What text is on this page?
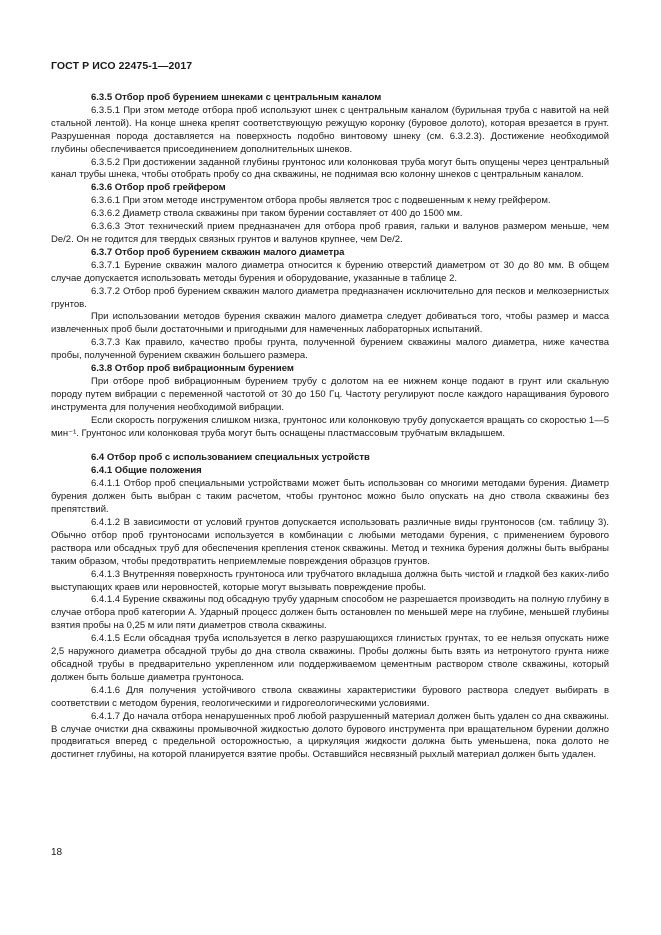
ГОСТ Р ИСО 22475-1—2017

6.3.5 Отбор проб бурением шнеками с центральным каналом

6.3.5.1 При этом методе отбора проб используют шнек с центральным каналом (бурильная труба с навитой на ней стальной лентой). На конце шнека крепят соответствующую режущую коронку (буровое долото), которая врезается в грунт. Разрушенная порода доставляется на поверхность подобно винтовому шнеку (см. 6.3.2.3). Достижение необходимой глубины обеспечивается присоединением дополнительных шнеков.

6.3.5.2 При достижении заданной глубины грунтонос или колонковая труба могут быть опущены через центральный канал трубы шнека, чтобы отобрать пробу со дна скважины, не поднимая всю колонну шнеков с центральным каналом.

6.3.6 Отбор проб грейфером

6.3.6.1 При этом методе инструментом отбора пробы является трос с подвешенным к нему грейфером.

6.3.6.2 Диаметр ствола скважины при таком бурении составляет от 400 до 1500 мм.

6.3.6.3 Этот технический прием предназначен для отбора проб гравия, гальки и валунов размером меньше, чем De/2. Он не годится для твердых связных грунтов и валунов крупнее, чем De/2.

6.3.7 Отбор проб бурением скважин малого диаметра

6.3.7.1 Бурение скважин малого диаметра относится к бурению отверстий диаметром от 30 до 80 мм. В общем случае допускается использовать методы бурения и оборудование, указанные в таблице 2.

6.3.7.2 Отбор проб бурением скважин малого диаметра предназначен исключительно для песков и мелкозернистых грунтов.

При использовании методов бурения скважин малого диаметра следует добиваться того, чтобы размер и масса извлеченных проб были достаточными и пригодными для намеченных лабораторных испытаний.

6.3.7.3 Как правило, качество пробы грунта, полученной бурением скважины малого диаметра, ниже качества пробы, полученной бурением скважин большего размера.

6.3.8 Отбор проб вибрационным бурением

При отборе проб вибрационным бурением трубу с долотом на ее нижнем конце подают в грунт или скальную породу путем вибрации с переменной частотой от 30 до 150 Гц. Частоту регулируют после каждого наращивания бурового инструмента для получения необходимой вибрации.

Если скорость погружения слишком низка, грунтонос или колонковую трубу допускается вращать со скоростью 1—5 мин⁻¹. Грунтонос или колонковая труба могут быть оснащены пластмассовым трубчатым вкладышем.

6.4 Отбор проб с использованием специальных устройств

6.4.1 Общие положения

6.4.1.1 Отбор проб специальными устройствами может быть использован со многими методами бурения. Диаметр бурения должен быть выбран с таким расчетом, чтобы грунтонос можно было опускать на дно ствола скважины без препятствий.

6.4.1.2 В зависимости от условий грунтов допускается использовать различные виды грунтоносов (см. таблицу 3). Обычно отбор проб грунтоносами используется в комбинации с любыми методами бурения, с применением бурового раствора или обсадных труб для обеспечения крепления стенок скважины. Метод и техника бурения должны быть выбраны таким образом, чтобы предотвратить неприемлемые повреждения образцов грунтов.

6.4.1.3 Внутренняя поверхность грунтоноса или трубчатого вкладыша должна быть чистой и гладкой без каких-либо выступающих краев или неровностей, которые могут вызывать повреждение пробы.

6.4.1.4 Бурение скважины под обсадную трубу ударным способом не разрешается производить на полную глубину в случае отбора проб категории А. Ударный процесс должен быть остановлен по меньшей мере на глубине, меньшей глубины взятия пробы на 0,25 м или пяти диаметров ствола скважины.

6.4.1.5 Если обсадная труба используется в легко разрушающихся глинистых грунтах, то ее нельзя опускать ниже 2,5 наружного диаметра обсадной трубы до дна ствола скважины. Пробы должны быть взять из нетронутого грунта ниже обсадной трубы в предварительно укрепленном или поддерживаемом цементным раствором стволе скважины, который должен быть больше диаметра грунтоноса.

6.4.1.6 Для получения устойчивого ствола скважины характеристики бурового раствора следует выбирать в соответствии с методом бурения, геологическими и гидрогеологическими условиями.

6.4.1.7 До начала отбора ненарушенных проб любой разрушенный материал должен быть удален со дна скважины. В случае очистки дна скважины промывочной жидкостью долото бурового инструмента при вращательном бурении должно продвигаться вперед с предельной осторожностью, а циркуляция жидкости должна быть уменьшена, пока долото не достигнет глубины, на которой планируется взятие пробы. Оставшийся несвязный рыхлый материал должен быть удален.

18
